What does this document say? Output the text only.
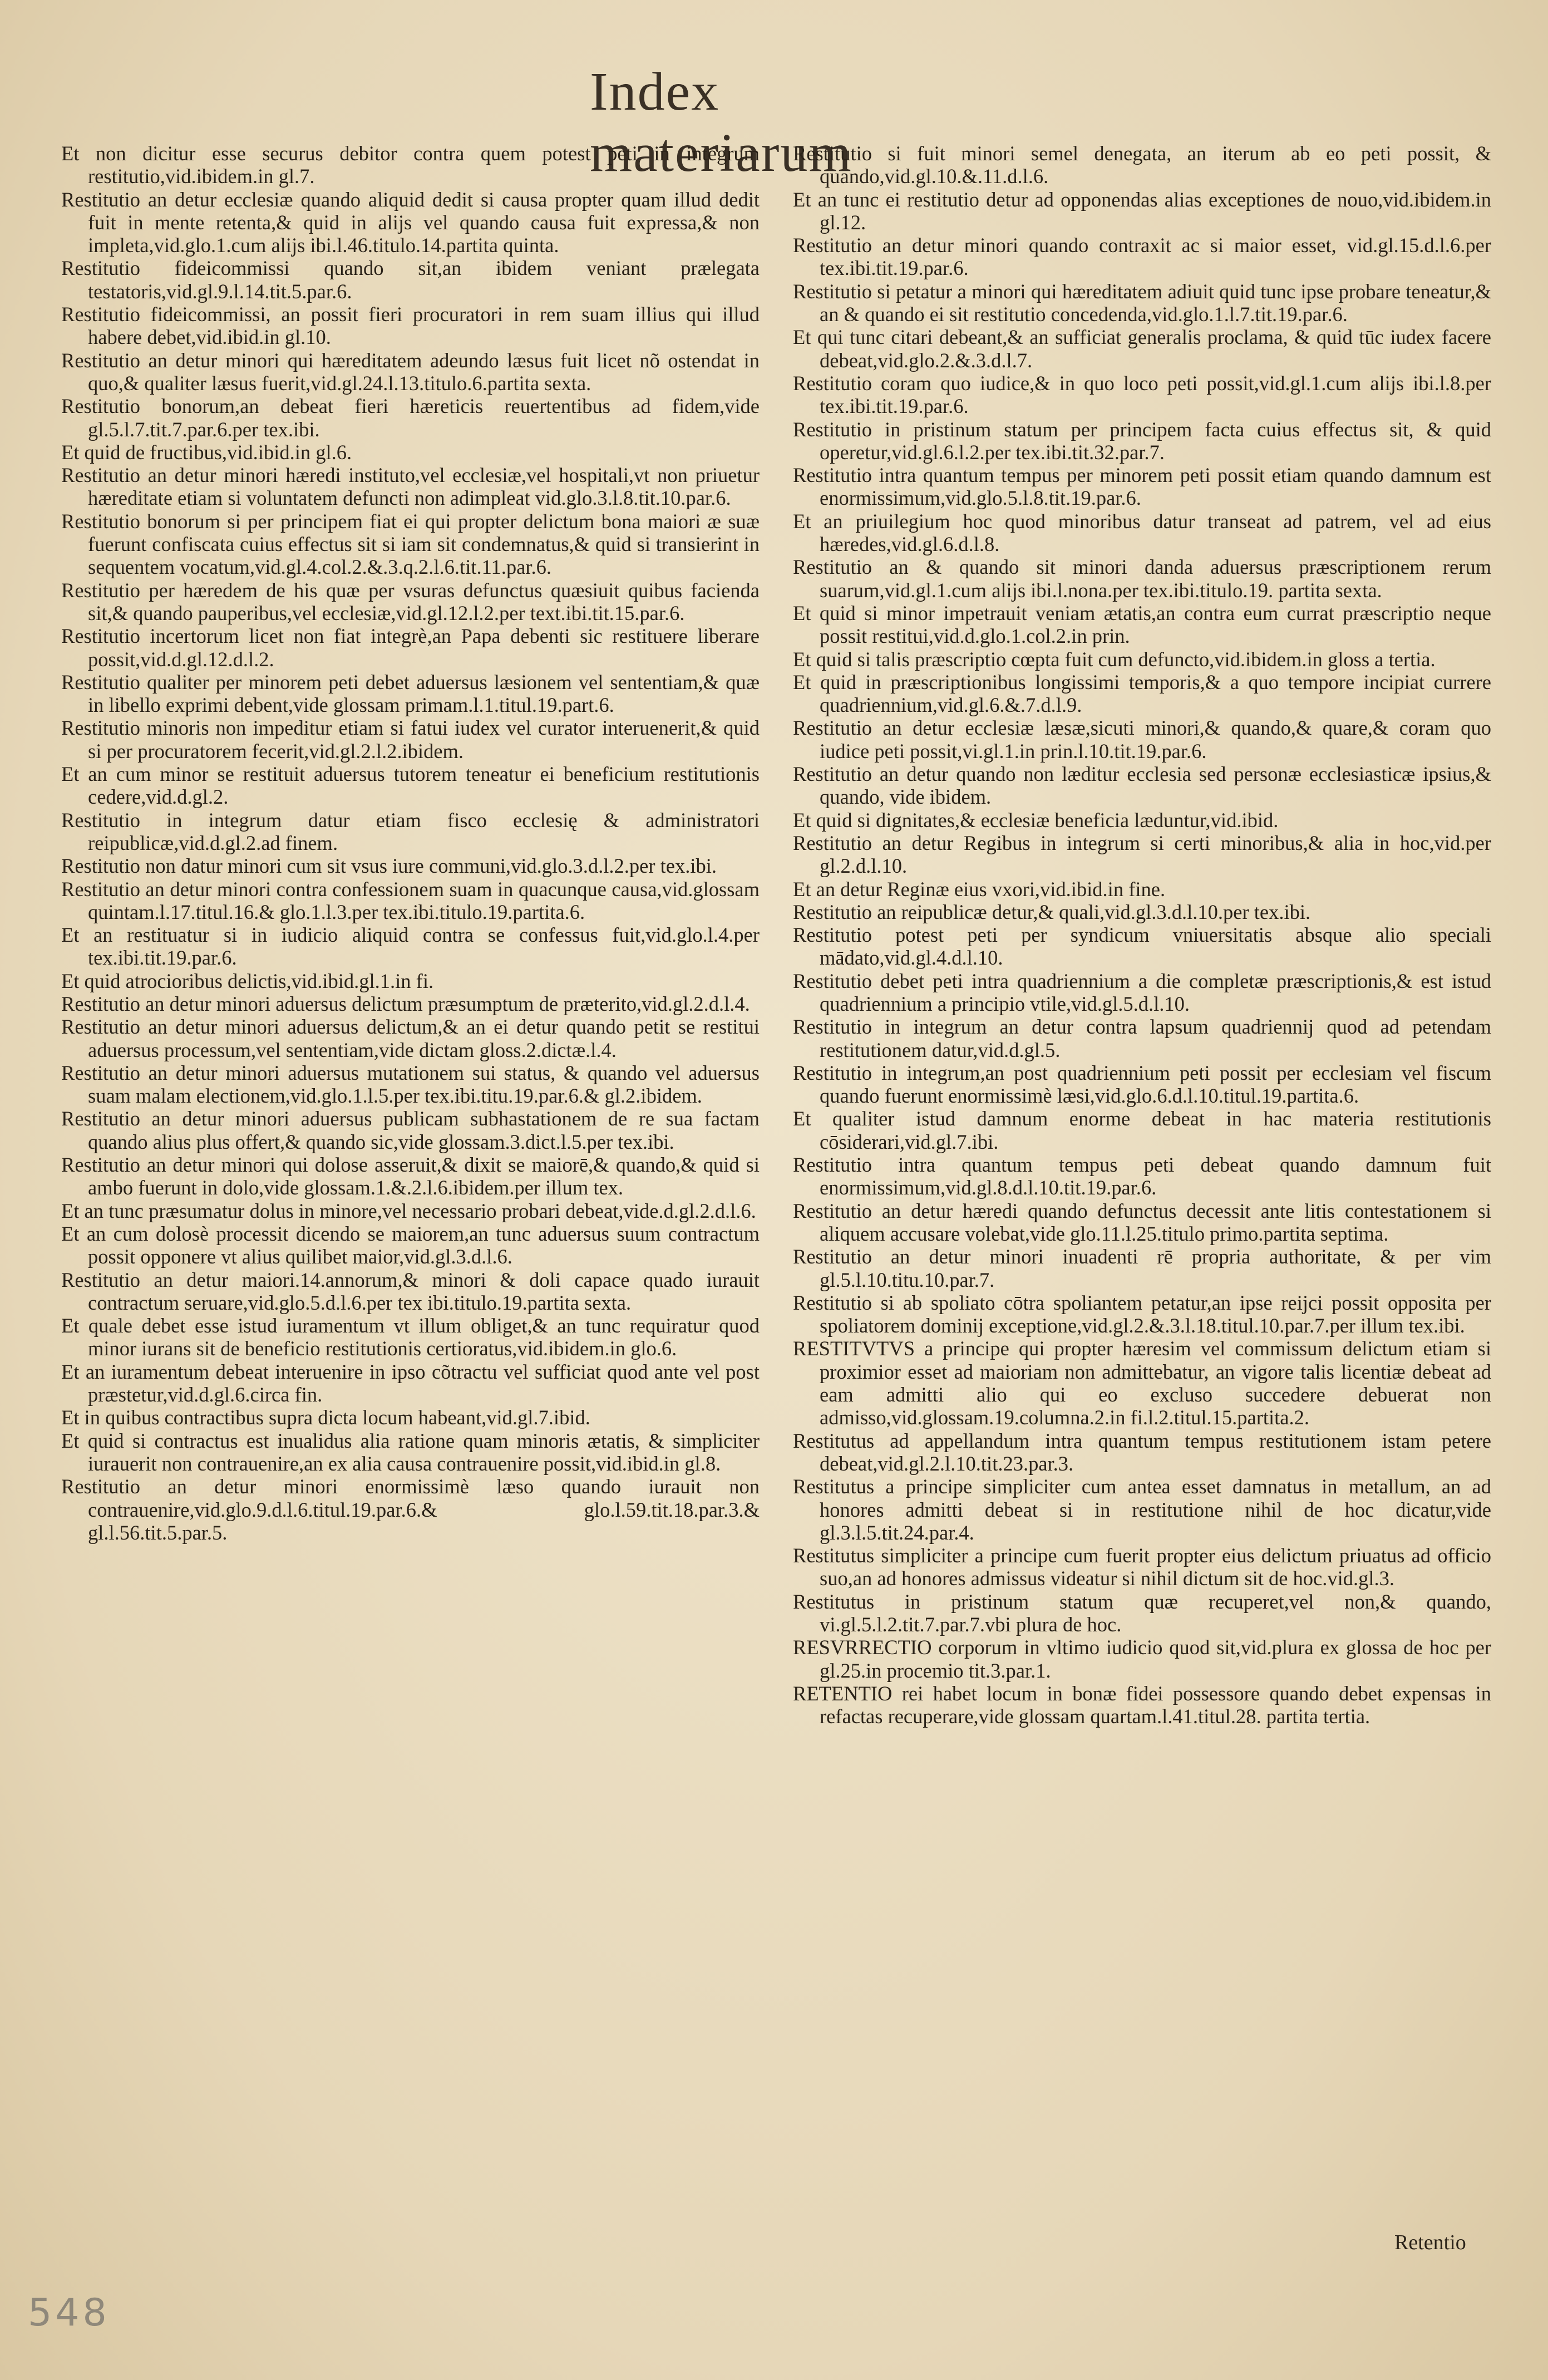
Index materiarum

Et non dicitur esse securus debitor contra quem potest peti in integrum restitutio,vid.ibidem.in gl.7.

Restitutio an detur ecclesiæ quando aliquid dedit si causa propter quam illud dedit fuit in mente retenta,& quid in alijs vel quando causa fuit expressa,& non impleta,vid.glo.1.cum alijs ibi.l.46.titulo.14.partita quinta.

Restitutio fideicommissi quando sit,an ibidem veniant prælegata testatoris,vid.gl.9.l.14.tit.5.par.6.

Restitutio fideicommissi, an possit fieri procuratori in rem suam illius qui illud habere debet,vid.ibid.in gl.10.

Restitutio an detur minori qui hæreditatem adeundo læsus fuit licet nõ ostendat in quo,& qualiter læsus fuerit,vid.gl.24.l.13.titulo.6.partita sexta.

Restitutio bonorum,an debeat fieri hæreticis reuertentibus ad fidem,vide gl.5.l.7.tit.7.par.6.per tex.ibi.

Et quid de fructibus,vid.ibid.in gl.6.

Restitutio an detur minori hæredi instituto,vel ecclesiæ,vel hospitali,vt non priuetur hæreditate etiam si voluntatem defuncti non adimpleat vid.glo.3.l.8.tit.10.par.6.

Restitutio bonorum si per principem fiat ei qui propter delictum bona maiori æ suæ fuerunt confiscata cuius effectus sit si iam sit condemnatus,& quid si transierint in sequentem vocatum,vid.gl.4.col.2.&.3.q.2.l.6.tit.11.par.6.

Restitutio per hæredem de his quæ per vsuras defunctus quæsiuit quibus facienda sit,& quando pauperibus,vel ecclesiæ,vid.gl.12.l.2.per text.ibi.tit.15.par.6.

Restitutio incertorum licet non fiat integrè,an Papa debenti sic restituere liberare possit,vid.d.gl.12.d.l.2.

Restitutio qualiter per minorem peti debet aduersus læsionem vel sententiam,& quæ in libello exprimi debent,vide glossam primam.l.1.titul.19.part.6.

Restitutio minoris non impeditur etiam si fatui iudex vel curator interuenerit,& quid si per procuratorem fecerit,vid.gl.2.l.2.ibidem.

Et an cum minor se restituit aduersus tutorem teneatur ei beneficium restitutionis cedere,vid.d.gl.2.

Restitutio in integrum datur etiam fisco ecclesię & administratori reipublicæ,vid.d.gl.2.ad finem.

Restitutio non datur minori cum sit vsus iure communi,vid.glo.3.d.l.2.per tex.ibi.

Restitutio an detur minori contra confessionem suam in quacunque causa,vid.glossam quintam.l.17.titul.16.& glo.1.l.3.per tex.ibi.titulo.19.partita.6.

Et an restituatur si in iudicio aliquid contra se confessus fuit,vid.glo.l.4.per tex.ibi.tit.19.par.6.

Et quid atrocioribus delictis,vid.ibid.gl.1.in fi.

Restitutio an detur minori aduersus delictum præsumptum de præterito,vid.gl.2.d.l.4.

Restitutio an detur minori aduersus delictum,& an ei detur quando petit se restitui aduersus processum,vel sententiam,vide dictam gloss.2.dictæ.l.4.

Restitutio an detur minori aduersus mutationem sui status, & quando vel aduersus suam malam electionem,vid.glo.1.l.5.per tex.ibi.titu.19.par.6.& gl.2.ibidem.

Restitutio an detur minori aduersus publicam subhastationem de re sua factam quando alius plus offert,& quando sic,vide glossam.3.dict.l.5.per tex.ibi.

Restitutio an detur minori qui dolose asseruit,& dixit se maiorē,& quando,& quid si ambo fuerunt in dolo,vide glossam.1.&.2.l.6.ibidem.per illum tex.

Et an tunc præsumatur dolus in minore,vel necessario probari debeat,vide.d.gl.2.d.l.6.

Et an cum dolosè processit dicendo se maiorem,an tunc aduersus suum contractum possit opponere vt alius quilibet maior,vid.gl.3.d.l.6.

Restitutio an detur maiori.14.annorum,& minori & doli capace quado iurauit contractum seruare,vid.glo.5.d.l.6.per tex ibi.titulo.19.partita sexta.

Et quale debet esse istud iuramentum vt illum obliget,& an tunc requiratur quod minor iurans sit de beneficio restitutionis certioratus,vid.ibidem.in glo.6.

Et an iuramentum debeat interuenire in ipso cõtractu vel sufficiat quod ante vel post præstetur,vid.d.gl.6.circa fin.

Et in quibus contractibus supra dicta locum habeant,vid.gl.7.ibid.

Et quid si contractus est inualidus alia ratione quam minoris ætatis, & simpliciter iurauerit non contrauenire,an ex alia causa contrauenire possit,vid.ibid.in gl.8.

Restitutio an detur minori enormissimè læso quando iurauit non contrauenire,vid.glo.9.d.l.6.titul.19.par.6.& glo.l.59.tit.18.par.3.& gl.l.56.tit.5.par.5.

Restitutio si fuit minori semel denegata, an iterum ab eo peti possit, & quando,vid.gl.10.&.11.d.l.6.

Et an tunc ei restitutio detur ad opponendas alias exceptiones de nouo,vid.ibidem.in gl.12.

Restitutio an detur minori quando contraxit ac si maior esset, vid.gl.15.d.l.6.per tex.ibi.tit.19.par.6.

Restitutio si petatur a minori qui hæreditatem adiuit quid tunc ipse probare teneatur,& an & quando ei sit restitutio concedenda,vid.glo.1.l.7.tit.19.par.6.

Et qui tunc citari debeant,& an sufficiat generalis proclama, & quid tūc iudex facere debeat,vid.glo.2.&.3.d.l.7.

Restitutio coram quo iudice,& in quo loco peti possit,vid.gl.1.cum alijs ibi.l.8.per tex.ibi.tit.19.par.6.

Restitutio in pristinum statum per principem facta cuius effectus sit, & quid operetur,vid.gl.6.l.2.per tex.ibi.tit.32.par.7.

Restitutio intra quantum tempus per minorem peti possit etiam quando damnum est enormissimum,vid.glo.5.l.8.tit.19.par.6.

Et an priuilegium hoc quod minoribus datur transeat ad patrem, vel ad eius hæredes,vid.gl.6.d.l.8.

Restitutio an & quando sit minori danda aduersus præscriptionem rerum suarum,vid.gl.1.cum alijs ibi.l.nona.per tex.ibi.titulo.19. partita sexta.

Et quid si minor impetrauit veniam ætatis,an contra eum currat præscriptio neque possit restitui,vid.d.glo.1.col.2.in prin.

Et quid si talis præscriptio cœpta fuit cum defuncto,vid.ibidem.in gloss a tertia.

Et quid in præscriptionibus longissimi temporis,& a quo tempore incipiat currere quadriennium,vid.gl.6.&.7.d.l.9.

Restitutio an detur ecclesiæ læsæ,sicuti minori,& quando,& quare,& coram quo iudice peti possit,vi.gl.1.in prin.l.10.tit.19.par.6.

Restitutio an detur quando non læditur ecclesia sed personæ ecclesiasticæ ipsius,& quando, vide ibidem.

Et quid si dignitates,& ecclesiæ beneficia læduntur,vid.ibid.

Restitutio an detur Regibus in integrum si certi minoribus,& alia in hoc,vid.per gl.2.d.l.10.

Et an detur Reginæ eius vxori,vid.ibid.in fine.

Restitutio an reipublicæ detur,& quali,vid.gl.3.d.l.10.per tex.ibi.

Restitutio potest peti per syndicum vniuersitatis absque alio speciali mādato,vid.gl.4.d.l.10.

Restitutio debet peti intra quadriennium a die completæ præscriptionis,& est istud quadriennium a principio vtile,vid.gl.5.d.l.10.

Restitutio in integrum an detur contra lapsum quadriennij quod ad petendam restitutionem datur,vid.d.gl.5.

Restitutio in integrum,an post quadriennium peti possit per ecclesiam vel fiscum quando fuerunt enormissimè læsi,vid.glo.6.d.l.10.titul.19.partita.6.

Et qualiter istud damnum enorme debeat in hac materia restitutionis cōsiderari,vid.gl.7.ibi.

Restitutio intra quantum tempus peti debeat quando damnum fuit enormissimum,vid.gl.8.d.l.10.tit.19.par.6.

Restitutio an detur hæredi quando defunctus decessit ante litis contestationem si aliquem accusare volebat,vide glo.11.l.25.titulo primo.partita septima.

Restitutio an detur minori inuadenti rē propria authoritate, & per vim gl.5.l.10.titu.10.par.7.

Restitutio si ab spoliato cōtra spoliantem petatur,an ipse reijci possit opposita per spoliatorem dominij exceptione,vid.gl.2.&.3.l.18.titul.10.par.7.per illum tex.ibi.

RESTITVTVS a principe qui propter hæresim vel commissum delictum etiam si proximior esset ad maioriam non admittebatur, an vigore talis licentiæ debeat ad eam admitti alio qui eo excluso succedere debuerat non admisso,vid.glossam.19.columna.2.in fi.l.2.titul.15.partita.2.

Restitutus ad appellandum intra quantum tempus restitutionem istam petere debeat,vid.gl.2.l.10.tit.23.par.3.

Restitutus a principe simpliciter cum antea esset damnatus in metallum, an ad honores admitti debeat si in restitutione nihil de hoc dicatur,vide gl.3.l.5.tit.24.par.4.

Restitutus simpliciter a principe cum fuerit propter eius delictum priuatus ad officio suo,an ad honores admissus videatur si nihil dictum sit de hoc.vid.gl.3.

Restitutus in pristinum statum quæ recuperet,vel non,& quando, vi.gl.5.l.2.tit.7.par.7.vbi plura de hoc.

RESVRRECTIO corporum in vltimo iudicio quod sit,vid.plura ex glossa de hoc per gl.25.in procemio tit.3.par.1.

RETENTIO rei habet locum in bonæ fidei possessore quando debet expensas in refactas recuperare,vide glossam quartam.l.41.titul.28. partita tertia.

Retentio
548
